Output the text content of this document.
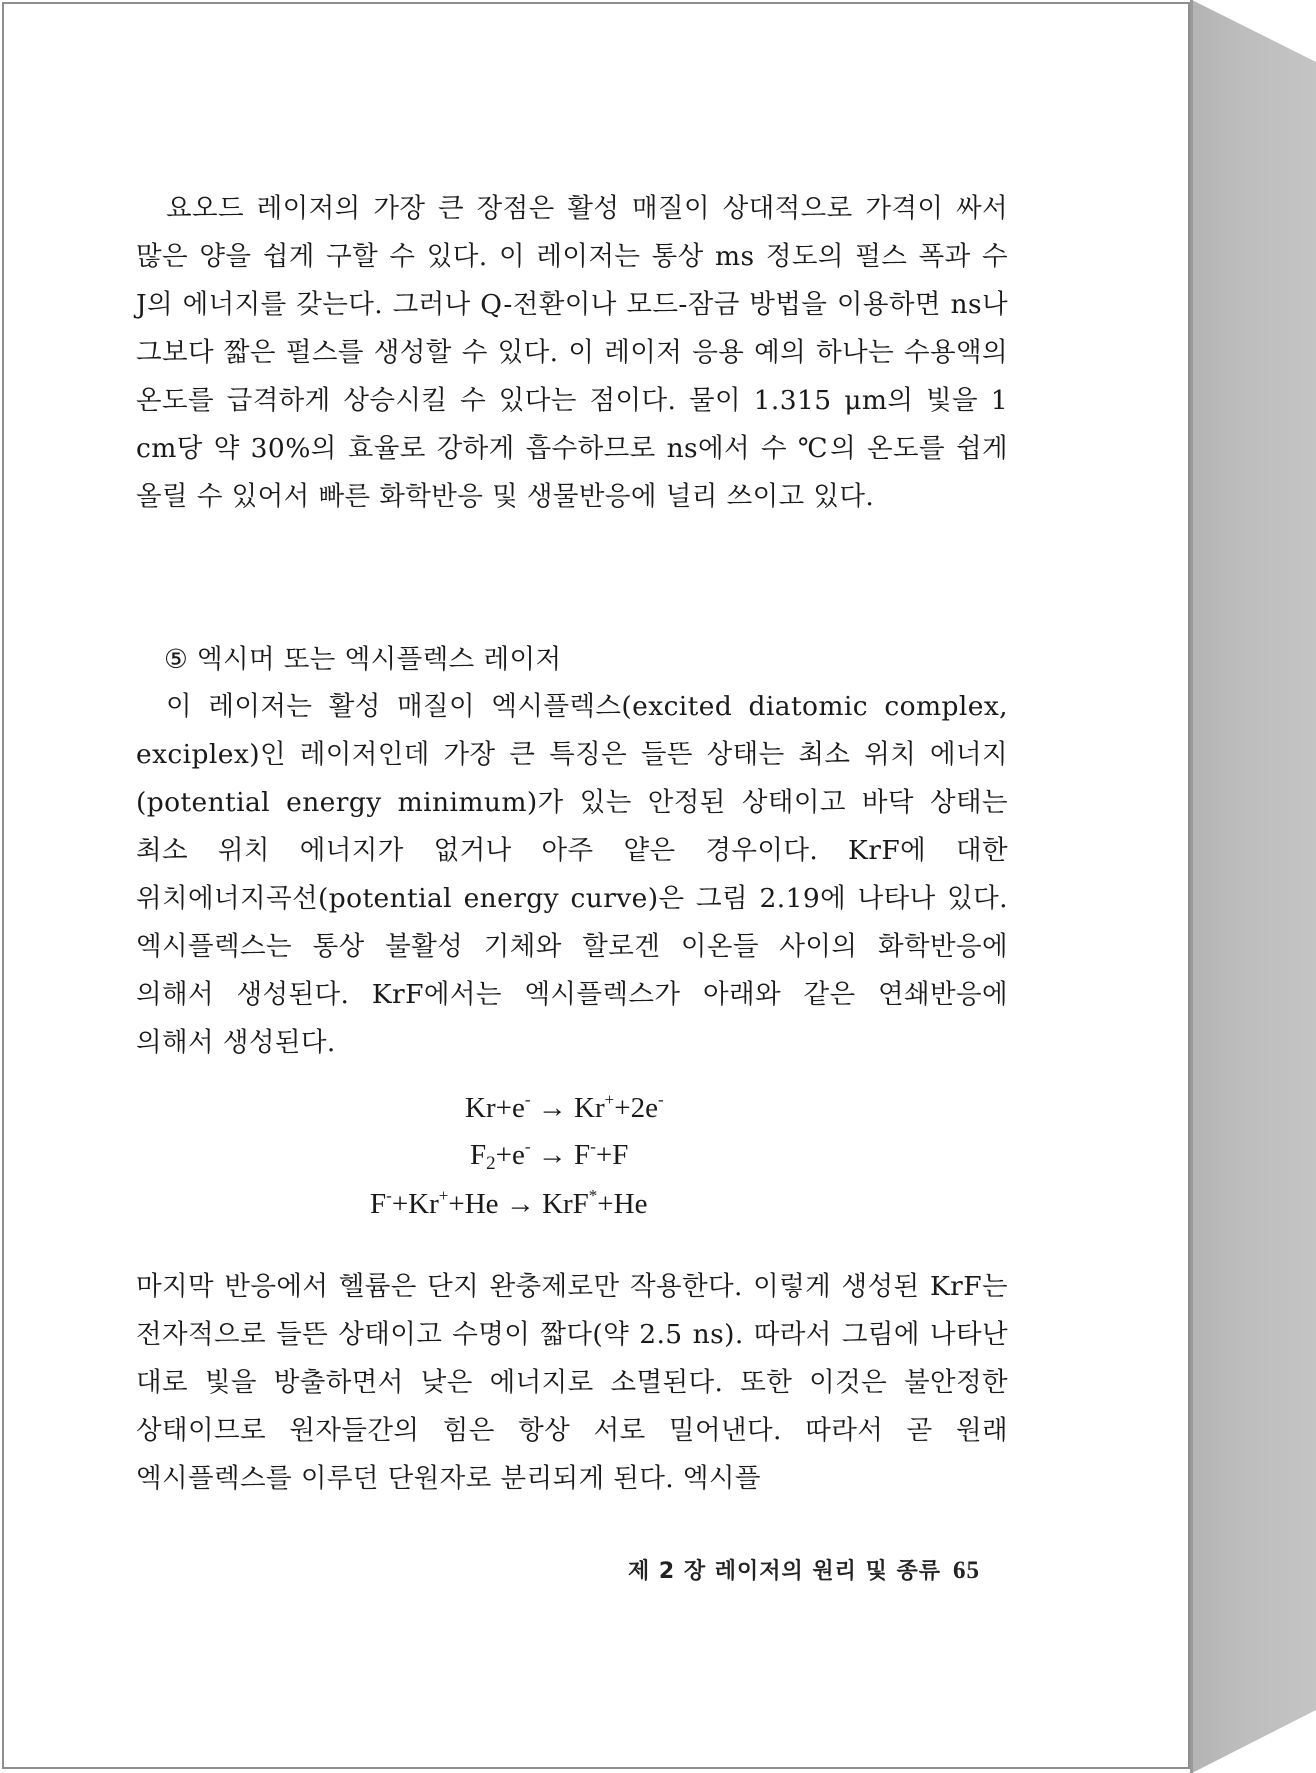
요오드 레이저의 가장 큰 장점은 활성 매질이 상대적으로 가격이 싸서 많은 양을 쉽게 구할 수 있다. 이 레이저는 통상 ms 정도의 펄스 폭과 수 J의 에너지를 갖는다. 그러나 Q-전환이나 모드-잠금 방법을 이용하면 ns나 그보다 짧은 펄스를 생성할 수 있다. 이 레이저 응용 예의 하나는 수용액의 온도를 급격하게 상승시킬 수 있다는 점이다. 물이 1.315 μm의 빛을 1 cm당 약 30%의 효율로 강하게 흡수하므로 ns에서 수 ℃의 온도를 쉽게 올릴 수 있어서 빠른 화학반응 및 생물반응에 널리 쓰이고 있다.

⑤ 엑시머 또는 엑시플렉스 레이저

이 레이저는 활성 매질이 엑시플렉스(excited diatomic complex, exciplex)인 레이저인데 가장 큰 특징은 들뜬 상태는 최소 위치 에너지(potential energy minimum)가 있는 안정된 상태이고 바닥 상태는 최소 위치 에너지가 없거나 아주 얕은 경우이다. KrF에 대한 위치에너지곡선(potential energy curve)은 그림 2.19에 나타나 있다. 엑시플렉스는 통상 불활성 기체와 할로겐 이온들 사이의 화학반응에 의해서 생성된다. KrF에서는 엑시플렉스가 아래와 같은 연쇄반응에 의해서 생성된다.

Kr+e- → Kr++2e-
$F_2+e^- \to F^-+F$
F-+Kr++He → KrF*+He

마지막 반응에서 헬륨은 단지 완충제로만 작용한다. 이렇게 생성된 KrF는 전자적으로 들뜬 상태이고 수명이 짧다(약 2.5 ns). 따라서 그림에 나타난 대로 빛을 방출하면서 낮은 에너지로 소멸된다. 또한 이것은 불안정한 상태이므로 원자들간의 힘은 항상 서로 밀어낸다. 따라서 곧 원래 엑시플렉스를 이루던 단원자로 분리되게 된다. 엑시플

제 2 장 레이저의 원리 및 종류 65
